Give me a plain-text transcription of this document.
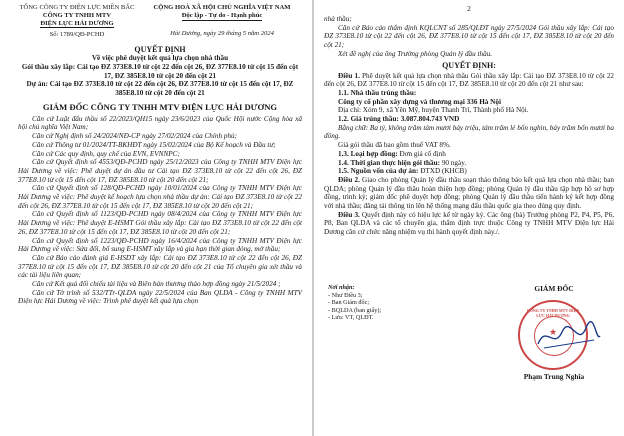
TỔNG CÔNG TY ĐIỆN LỰC MIỀN BẮC

CÔNG TY TNHH MTV

ĐIỆN LỰC HẢI DƯƠNG

Số: 1789/QĐ-PCHD

CỘNG HOÀ XÃ HỘI CHỦ NGHĨA VIỆT NAM

Độc lập - Tự do - Hạnh phúc

Hải Dương, ngày 29 tháng 5 năm 2024

QUYẾT ĐỊNH

Về việc phê duyệt kết quả lựa chọn nhà thầu

Gói thầu xây lắp: Cải tạo ĐZ 373E8.10 từ cột 22 đến cột 26, ĐZ 377E8.10 từ cột 15 đến cột 17, ĐZ 385E8.10 từ cột 20 đến cột 21

Dự án: Cải tạo ĐZ 373E8.10 từ cột 22 đến cột 26, ĐZ 377E8.10 từ cột 15 đến cột 17, ĐZ 385E8.10 từ cột 20 đến cột 21

GIÁM ĐỐC CÔNG TY TNHH MTV ĐIỆN LỰC HẢI DƯƠNG

Căn cứ Luật đấu thầu số 22/2023/QH15 ngày 23/6/2023 của Quốc Hội nước Cộng hòa xã hội chủ nghĩa Việt Nam;

Căn cứ Nghị định số 24/2024/NĐ-CP ngày 27/02/2024 của Chính phủ;

Căn cứ Thông tư 01/2024/TT-BKHĐT ngày 15/02/2024 của Bộ Kế hoạch và Đầu tư;

Căn cứ Các quy định, quy chế của EVN, EVNNPC;

Căn cứ Quyết định số 4553/QĐ-PCHD ngày 25/12/2023 của Công ty TNHH MTV Điện lực Hải Dương về việc: Phê duyệt dự án đầu tư Cải tạo ĐZ 373E8.10 từ cột 22 đến cột 26, ĐZ 377E8.10 từ cột 15 đến cột 17, ĐZ 385E8.10 từ cột 20 đến cột 21;

Căn cứ Quyết định số 128/QĐ-PCHD ngày 10/01/2024 của Công ty TNHH MTV Điện lực Hải Dương về việc: Phê duyệt kế hoạch lựa chọn nhà thầu dự án: Cải tạo ĐZ 373E8.10 từ cột 22 đến cột 26, ĐZ 377E8.10 từ cột 15 đến cột 17, ĐZ 385E8.10 từ cột 20 đến cột 21;

Căn cứ Quyết định số 1123/QĐ-PCHD ngày 08/4/2024 của Công ty TNHH MTV Điện lực Hải Dương về việc: Phê duyệt E-HSMT Gói thầu xây lắp: Cải tạo ĐZ 373E8.10 từ cột 22 đến cột 26, ĐZ 377E8.10 từ cột 15 đến cột 17, ĐZ 385E8.10 từ cột 20 đến cột 21;

Căn cứ Quyết định số 1223/QĐ-PCHD ngày 16/4/2024 của Công ty TNHH MTV Điện lực Hải Dương về việc: Sửa đổi, bổ sung E-HSMT xây lắp và gia hạn thời gian đóng, mở thầu;

Căn cứ Báo cáo đánh giá E-HSDT xây lắp: Cải tạo ĐZ 373E8.10 từ cột 22 đến cột 26, ĐZ 377E8.10 từ cột 15 đến cột 17, ĐZ 385E8.10 từ cột 20 đến cột 21 của Tổ chuyên gia xét thầu và các tài liệu liên quan;

Căn cứ Kết quả đối chiếu tài liệu và Biên bản thương thảo hợp đồng ngày 21/5/2024 ;

Căn cứ Tờ trình số 532/TTr-QLDA ngày 22/5/2024 của Ban QLDA - Công ty TNHH MTV Điện lực Hải Dương về việc: Trình phê duyệt kết quả lựa chọn

2

nhà thầu;

Căn cứ Báo cáo thẩm định KQLCNT số 285/QLĐT ngày 27/5/2024 Gói thầu xây lắp: Cải tạo ĐZ 373E8.10 từ cột 22 đến cột 26, ĐZ 377E8.10 từ cột 15 đến cột 17, ĐZ 385E8.10 từ cột 20 đến cột 21;

Xét đề nghị của ông Trưởng phòng Quản lý đầu thầu.

QUYẾT ĐỊNH:

Điều 1. Phê duyệt kết quả lựa chọn nhà thầu Gói thầu xây lắp: Cải tạo ĐZ 373E8.10 từ cột 22 đến cột 26, ĐZ 377E8.10 từ cột 15 đến cột 17, ĐZ 385E8.10 từ cột 20 đến cột 21 như sau:

1.1. Nhà thầu trúng thầu:

Công ty cổ phần xây dựng và thương mại 336 Hà Nội

Địa chỉ: Xóm 9, xã Yên Mỹ, huyện Thanh Trì, Thành phố Hà Nội.

1.2. Giá trúng thầu: 3.087.804.743 VND

Bằng chữ: Ba tỷ, không trăm tám mươi bảy triệu, tám trăm lẻ bốn nghìn, bảy trăm bốn mươi ba đồng.

Giá gói thầu đã bao gồm thuế VAT 8%.

1.3. Loại hợp đồng: Đơn giá cố định

1.4. Thời gian thực hiện gói thầu: 90 ngày.

1.5. Nguồn vốn của dự án: ĐTXD (KHCB)

Điều 2. Giao cho phòng Quản lý đầu thầu soạn thảo thông báo kết quả lựa chọn nhà thầu; ban QLDA; phòng Quản lý đầu thầu hoàn thiện hợp đồng; phòng Quản lý đầu thầu tập hợp hồ sơ hợp đồng, trình ký; giám đốc phê duyệt hợp đồng; phòng Quản lý đầu thầu tiến hành ký kết hợp đồng với nhà thầu; đăng tải thông tin lên hệ thống mạng đấu thầu quốc gia theo đúng quy định.

Điều 3. Quyết định này có hiệu lực kể từ ngày ký. Các ông (bà) Trưởng phòng P2, P4, P5, P6, P8, Ban QLDA và các tổ chuyên gia, thẩm định trực thuộc Công ty TNHH MTV Điện lực Hải Dương căn cứ chức năng nhiệm vụ thi hành quyết định này./.

Nơi nhận:

- Như Điều 3;

- Ban Giám đốc;

- BQLDA (ban giấy);

- Lưu: VT, QLĐT.

GIÁM ĐỐC

CÔNG TY TNHH MTV ĐIỆN LỰC HẢI DƯƠNG
★

Phạm Trung Nghĩa
